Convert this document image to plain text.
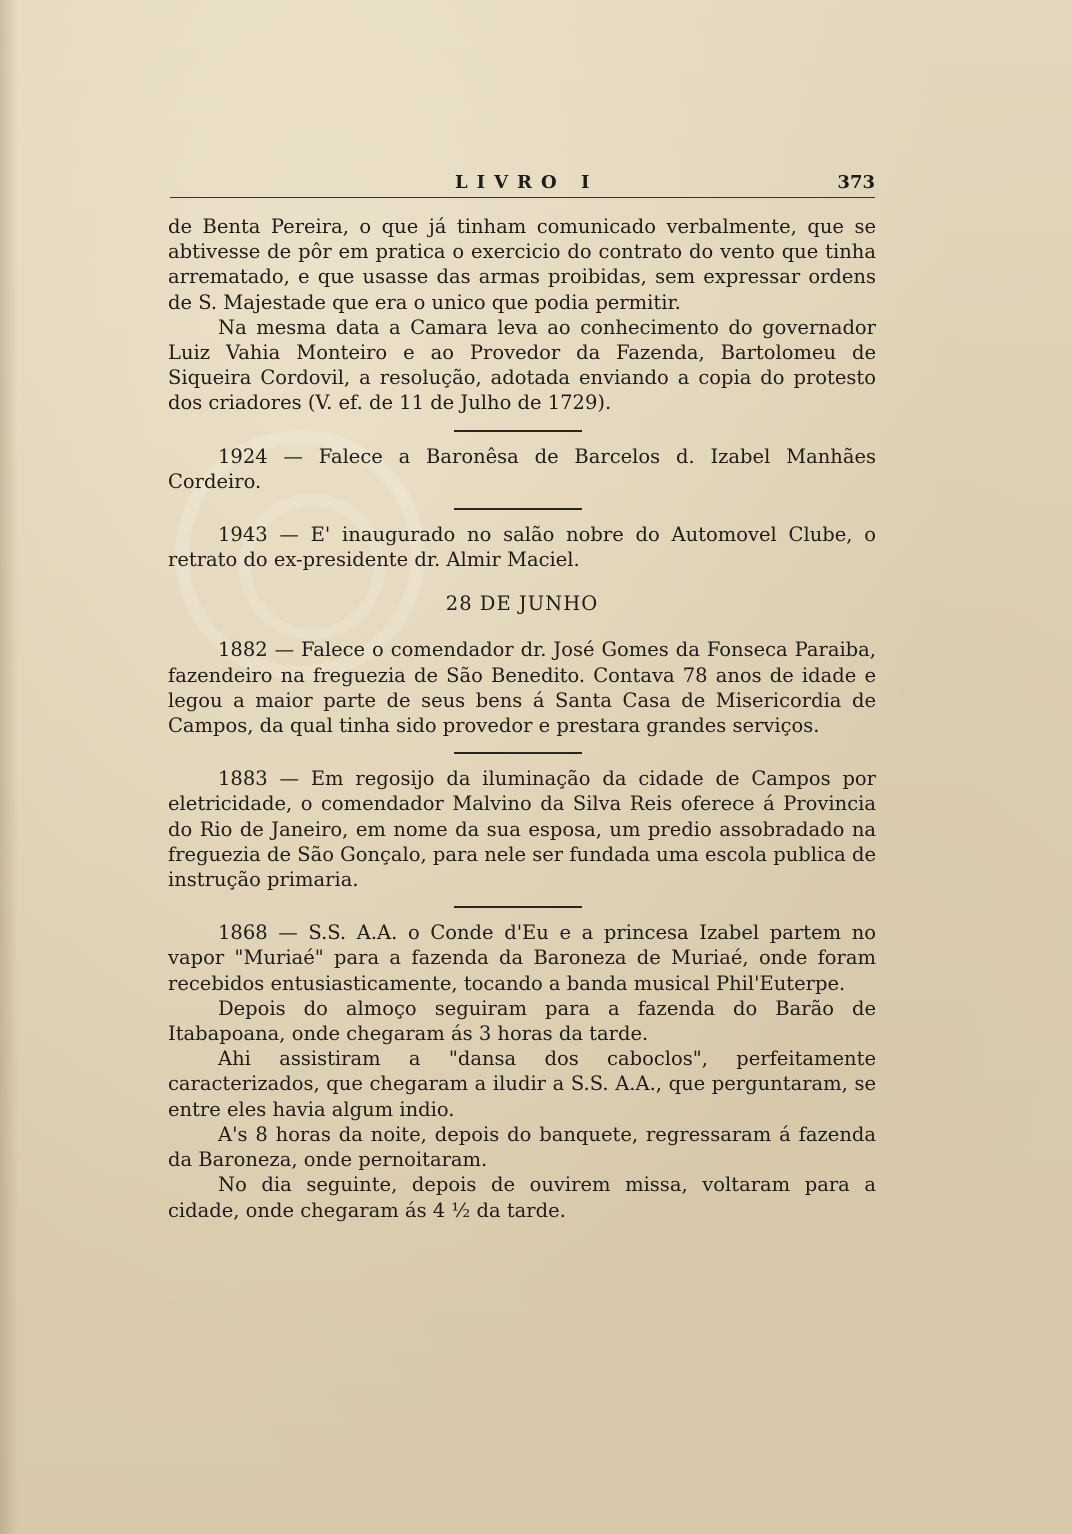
LIVRO I	373

de Benta Pereira, o que já tinham comunicado verbalmente, que se abtivesse de pôr em pratica o exercicio do contrato do vento que tinha arrematado, e que usasse das armas proibidas, sem expressar ordens de S. Majestade que era o unico que podia permitir.

Na mesma data a Camara leva ao conhecimento do governador Luiz Vahia Monteiro e ao Provedor da Fazenda, Bartolomeu de Siqueira Cordovil, a resolução, adotada enviando a copia do protesto dos criadores (V. ef. de 11 de Julho de 1729).

1924 — Falece a Baronêsa de Barcelos d. Izabel Manhães Cordeiro.

1943 — E' inaugurado no salão nobre do Automovel Clube, o retrato do ex-presidente dr. Almir Maciel.

28 DE JUNHO

1882 — Falece o comendador dr. José Gomes da Fonseca Paraiba, fazendeiro na freguezia de São Benedito. Contava 78 anos de idade e legou a maior parte de seus bens á Santa Casa de Misericordia de Campos, da qual tinha sido provedor e prestara grandes serviços.

1883 — Em regosijo da iluminação da cidade de Campos por eletricidade, o comendador Malvino da Silva Reis oferece á Provincia do Rio de Janeiro, em nome da sua esposa, um predio assobradado na freguezia de São Gonçalo, para nele ser fundada uma escola publica de instrução primaria.

1868 — S.S. A.A. o Conde d'Eu e a princesa Izabel partem no vapor "Muriaé" para a fazenda da Baroneza de Muriaé, onde foram recebidos entusiasticamente, tocando a banda musical Phil'Euterpe.

Depois do almoço seguiram para a fazenda do Barão de Itabapoana, onde chegaram ás 3 horas da tarde.

Ahi assistiram a "dansa dos caboclos", perfeitamente caracterizados, que chegaram a iludir a S.S. A.A., que perguntaram, se entre eles havia algum indio.

A's 8 horas da noite, depois do banquete, regressaram á fazenda da Baroneza, onde pernoitaram.

No dia seguinte, depois de ouvirem missa, voltaram para a cidade, onde chegaram ás 4 ½ da tarde.
